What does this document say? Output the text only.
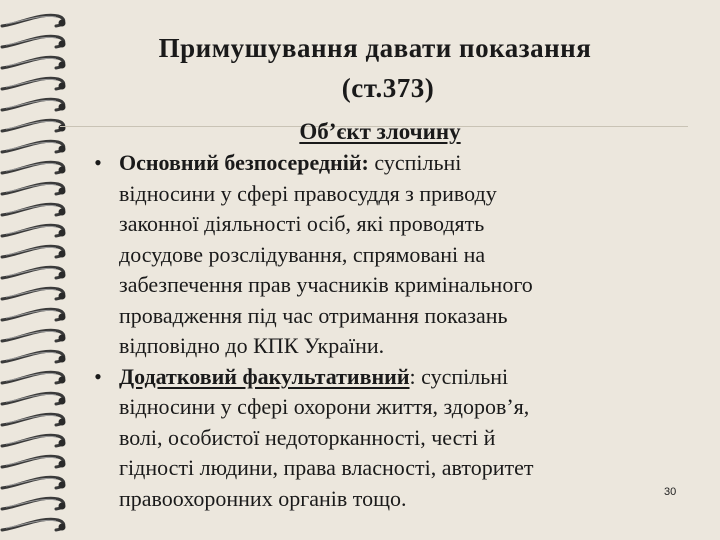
Примушування давати показання
(ст.373)
Об’єкт злочину
• Основний безпосередній: суспільні
відносини у сфері правосуддя з приводу
законної діяльності осіб, які проводять
досудове розслідування, спрямовані на
забезпечення прав учасників кримінального
провадження під час отримання показань
відповідно до КПК України.
• Додатковий факультативний: суспільні
відносини у сфері охорони життя, здоров’я,
волі, особистої недоторканності, честі й
гідності людини, права власності, авторитет
правоохоронних органів тощо.	30
